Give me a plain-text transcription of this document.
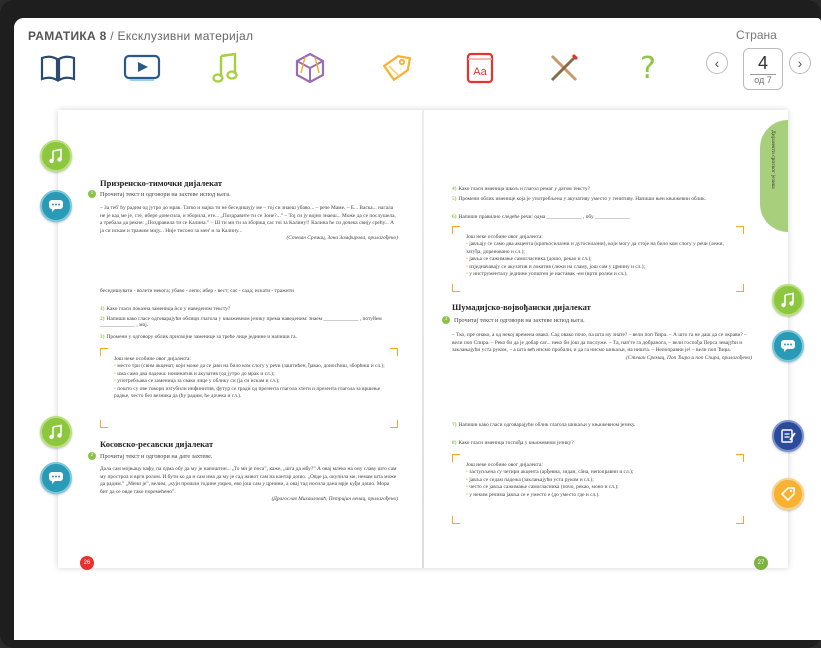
РАМАТИКА 8 / Ексклузивни материјал
Aa	?
Страна
‹	4
од 7
›
Призренско-тимочки дијалекат
1	Прочитај текст и одговори на захтеве испод њега.
– За теб' ћу радим од јутро до мрак. Татко и мајка ти не беседишују ме – тој си знаеш убаво... – рече Маме. – Е... Васка... нагала не је кад ме је, сте, ибере донесила, и зборила, ете... „Поздравите ти се Зоне?...” – Тој си ју војно знаеш... Може да се послушела, а требала да рекне: „Поздравила ти се Калина.” – Ш ти мн ти за зборищ сас тоі за Калину!! Калина ће си дочека свију срећу... А ја си искам и тражим мију... Није тисоно за мен' и за Калину...
(Стеван Сремац, Зона Замфирова, прилагођено)
беседишувати - волети некога; убаво - лепо; ибер - вест; сас - сада; искати - тражити
1) Како гласи показна заменица ѝсо у наведеном тексту?
2) Напиши како гласе одговарајући облици глагола у књижевном језику према наведеним: знаем _____________ , потуйем _____________ , мој.
3) Промени у одговору облик присвојне заменице за треће лице једнине и напиши га.
Још неке особине овог дијалекта:
• место три (свим акценат, који може да се јави на било ком слогу у речи (заштићен, ђавао, доносћиш, зборћиш и сл.);
• има само два падежа: номинатив и акузатив (од јутро до мрак и сл.);
• употребљава се заменица за свако лице у облику си (ја си искам и сл.);
• пошто су ове говори изгубили инфинитив, футур се гради од презента глагола хтети и презента глагола за вршење радње, често без везника да (ћу радим, ће дочека и сл.).
Косовско-ресавски дијалекат
2	Прочитај текст и одговори на дате захтеве.
Дала сам мојњацу кафу, па одма обу да му је напоштин... „То ми је поса”, каже, „шта да мбу?” А овај млеко на ону славу што сам му простроа и вргн ролом. И бути ко да и сам има да му је сад живот сам на кантар дошо. „Овде ја, окупила ме, немам шта може да радим.” „Мени је”, велим, „кујн прошли године умрео, ево још сам у црнини, а овај тад носила дана мрје куђи дошо. Мора бит да се овде тако поремећено”.
(Драгослав Михаиловић, Петријин венац, прилагођено)
26
Дијалекти српског језика
4) Како гласи именица шкољ и глагол ремаг у датом тексту?
5) Промени облик именице која је употребљена у акузативу уместо у генитиву. Напиши њен књижевни облик.
6) Напиши правилно следеће речи: одма _____________ , обу _____________
Још неке особине овог дијалекта:
• јављају се само два акцента (краткосилазни и дугосилазни), који могу да стоје на било ком слогу у речи (лежи, затуђа, дореновано и сл.);
• јавља се сажимање самогласника (дошо, рекао и сл.);
• изједначавају се акузатив и локатив (лежи на сламу, још сам у црнину и сл.);
• у инструменталу једнине уопштен је наставак -ем (вртн ролем и сл.).
Шумадијско-војвођански дијалекат
3	Прочитај текст и одговори на захтеве испод њега.
– Тко, пре онако, а од некој времена овако. Сад овако почо, па шта му знате? – вели поп Ћира. – А што га не даш да се окрави? – вели поп Спира. – Реко би да је добар сат... неко би још да послуже. – Та, нап'те га добранога, – вели госпођа Перса зевајући и заклањајући уста руком, – а шта већ нисмо пробали, и да га нисмо шикаљи, на ништа. – Непоправни је! – вели поп Ћира.
(Стеван Сремац, Поп Ћира и поп Спира, прилагођено)
7) Напиши како гласи одговарајући облик глагола шикаљи у књижевном језику.
8) Како гласи именица госпођа у књижевном језику?
Још неке особине овог дијалекта:
• заступљена су четири акцента (арђевна, зидан, сâна, непоправни и сл.);
• јавља се седам падежа (заклањајући уста руком и сл.);
• често се јавља сажимање самогласника (почо, рекао, моно и сл.);
• у неким речима јавља се е уместо е (до уместо где и сл.).
27
